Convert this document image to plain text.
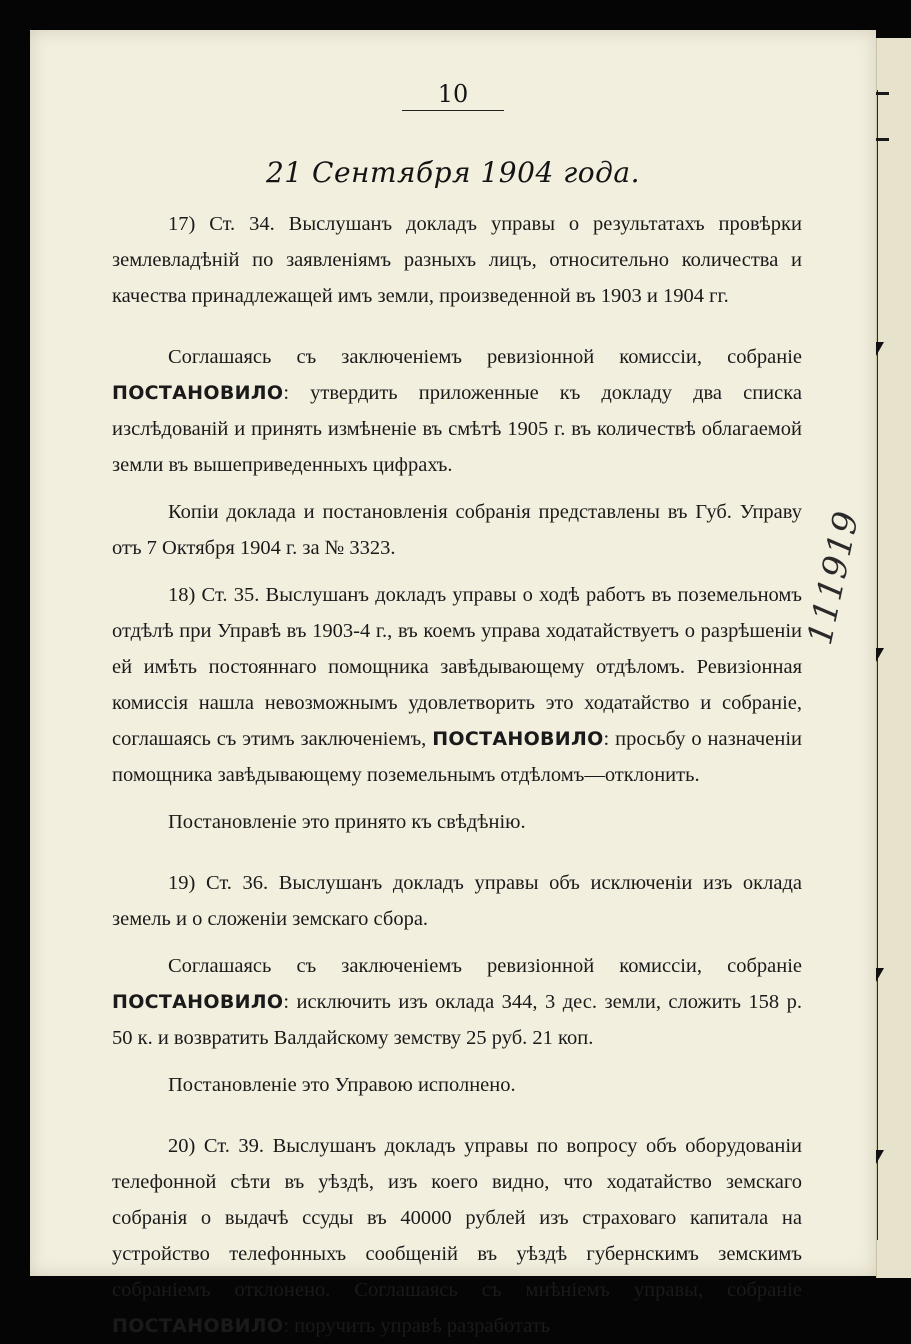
10
21 Сентября 1904 года.

17) Ст. 34. Выслушанъ докладъ управы о результатахъ провѣрки землевладѣній по заявленіямъ разныхъ лицъ, относительно количества и качества принадлежащей имъ земли, произведенной въ 1903 и 1904 гг.

Соглашаясь съ заключеніемъ ревизіонной комиссіи, собраніе ПОСТАНОВИЛО: утвердить приложенные къ докладу два списка изслѣдованій и принять измѣненіе въ смѣтѣ 1905 г. въ количествѣ облагаемой земли въ вышеприведенныхъ цифрахъ.

Копіи доклада и постановленія собранія представлены въ Губ. Управу отъ 7 Октября 1904 г. за № 3323.

18) Ст. 35. Выслушанъ докладъ управы о ходѣ работъ въ поземельномъ отдѣлѣ при Управѣ въ 1903-4 г., въ коемъ управа ходатайствуетъ о разрѣшеніи ей имѣть постояннаго помощника завѣдывающему отдѣломъ. Ревизіонная комиссія нашла невозможнымъ удовлетворить это ходатайство и собраніе, соглашаясь съ этимъ заключеніемъ, ПОСТАНОВИЛО: просьбу о назначеніи помощника завѣдывающему поземельнымъ отдѣломъ—отклонить.

Постановленіе это принято къ свѣдѣнію.

19) Ст. 36. Выслушанъ докладъ управы объ исключеніи изъ оклада земель и о сложеніи земскаго сбора.

Соглашаясь съ заключеніемъ ревизіонной комиссіи, собраніе ПОСТАНОВИЛО: исключить изъ оклада 344, 3 дес. земли, сложить 158 р. 50 к. и возвратить Валдайскому земству 25 руб. 21 коп.

Постановленіе это Управою исполнено.

20) Ст. 39. Выслушанъ докладъ управы по вопросу объ оборудованіи телефонной сѣти въ уѣздѣ, изъ коего видно, что ходатайство земскаго собранія о выдачѣ ссуды въ 40000 рублей изъ страховаго капитала на устройство телефонныхъ сообщеній въ уѣздѣ губернскимъ земскимъ собраніемъ отклонено. Соглашаясь съ мнѣніемъ управы, собраніе ПОСТАНОВИЛО: поручить управѣ разработать

111919
